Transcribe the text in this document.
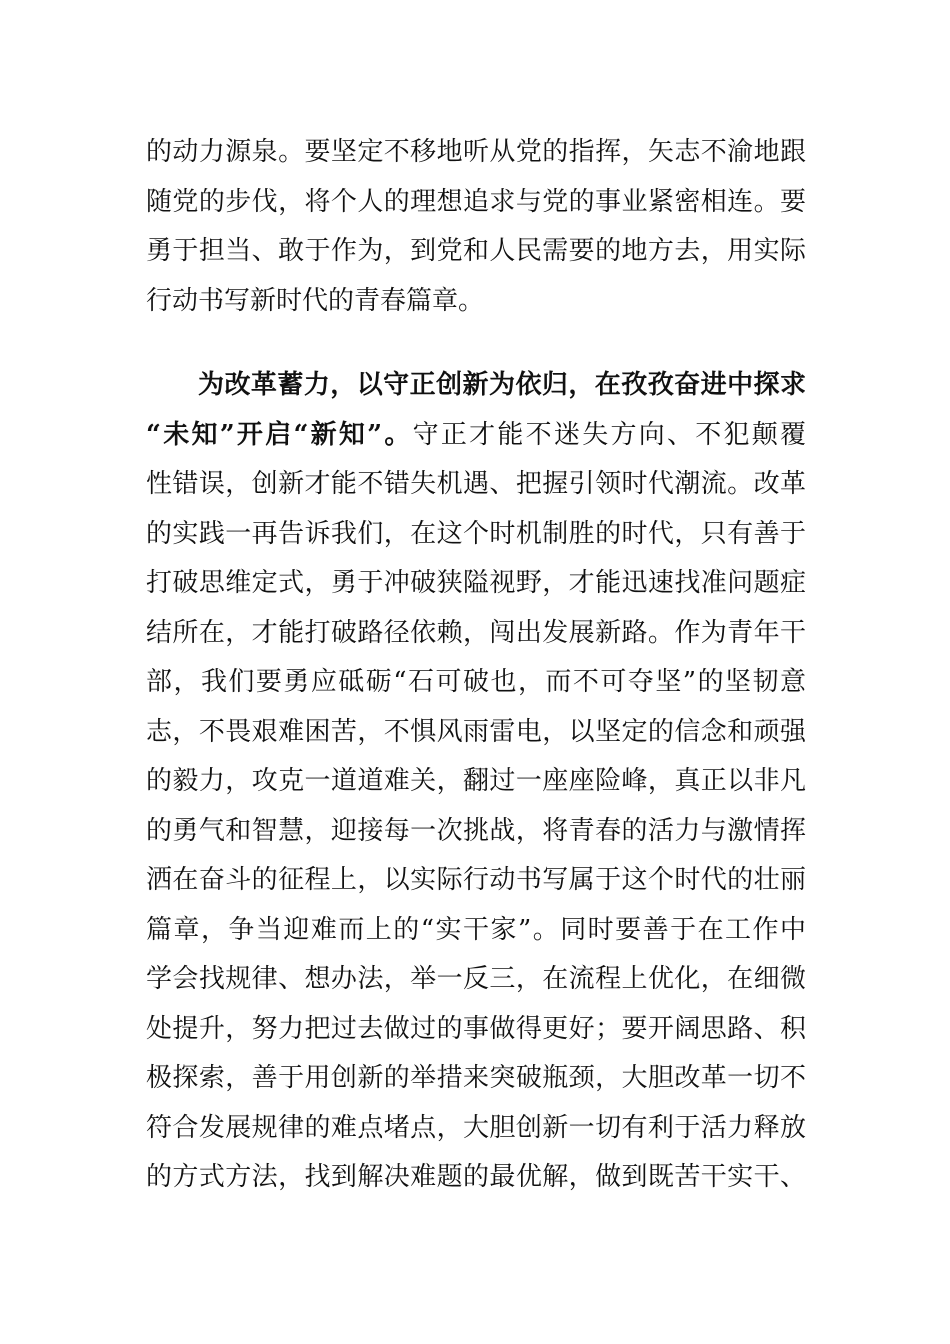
的动力源泉。要坚定不移地听从党的指挥，矢志不渝地跟
随党的步伐，将个人的理想追求与党的事业紧密相连。要
勇于担当、敢于作为，到党和人民需要的地方去，用实际
行动书写新时代的青春篇章。
为改革蓄力，以守正创新为依归，在孜孜奋进中探求
“未知”开启“新知”。守正才能不迷失方向、不犯颠覆
性错误，创新才能不错失机遇、把握引领时代潮流。改革
的实践一再告诉我们，在这个时机制胜的时代，只有善于
打破思维定式，勇于冲破狭隘视野，才能迅速找准问题症
结所在，才能打破路径依赖，闯出发展新路。作为青年干
部，我们要勇应砥砺“石可破也，而不可夺坚”的坚韧意
志，不畏艰难困苦，不惧风雨雷电，以坚定的信念和顽强
的毅力，攻克一道道难关，翻过一座座险峰，真正以非凡
的勇气和智慧，迎接每一次挑战，将青春的活力与激情挥
洒在奋斗的征程上，以实际行动书写属于这个时代的壮丽
篇章，争当迎难而上的“实干家”。同时要善于在工作中
学会找规律、想办法，举一反三，在流程上优化，在细微
处提升，努力把过去做过的事做得更好；要开阔思路、积
极探索，善于用创新的举措来突破瓶颈，大胆改革一切不
符合发展规律的难点堵点，大胆创新一切有利于活力释放
的方式方法，找到解决难题的最优解，做到既苦干实干、
